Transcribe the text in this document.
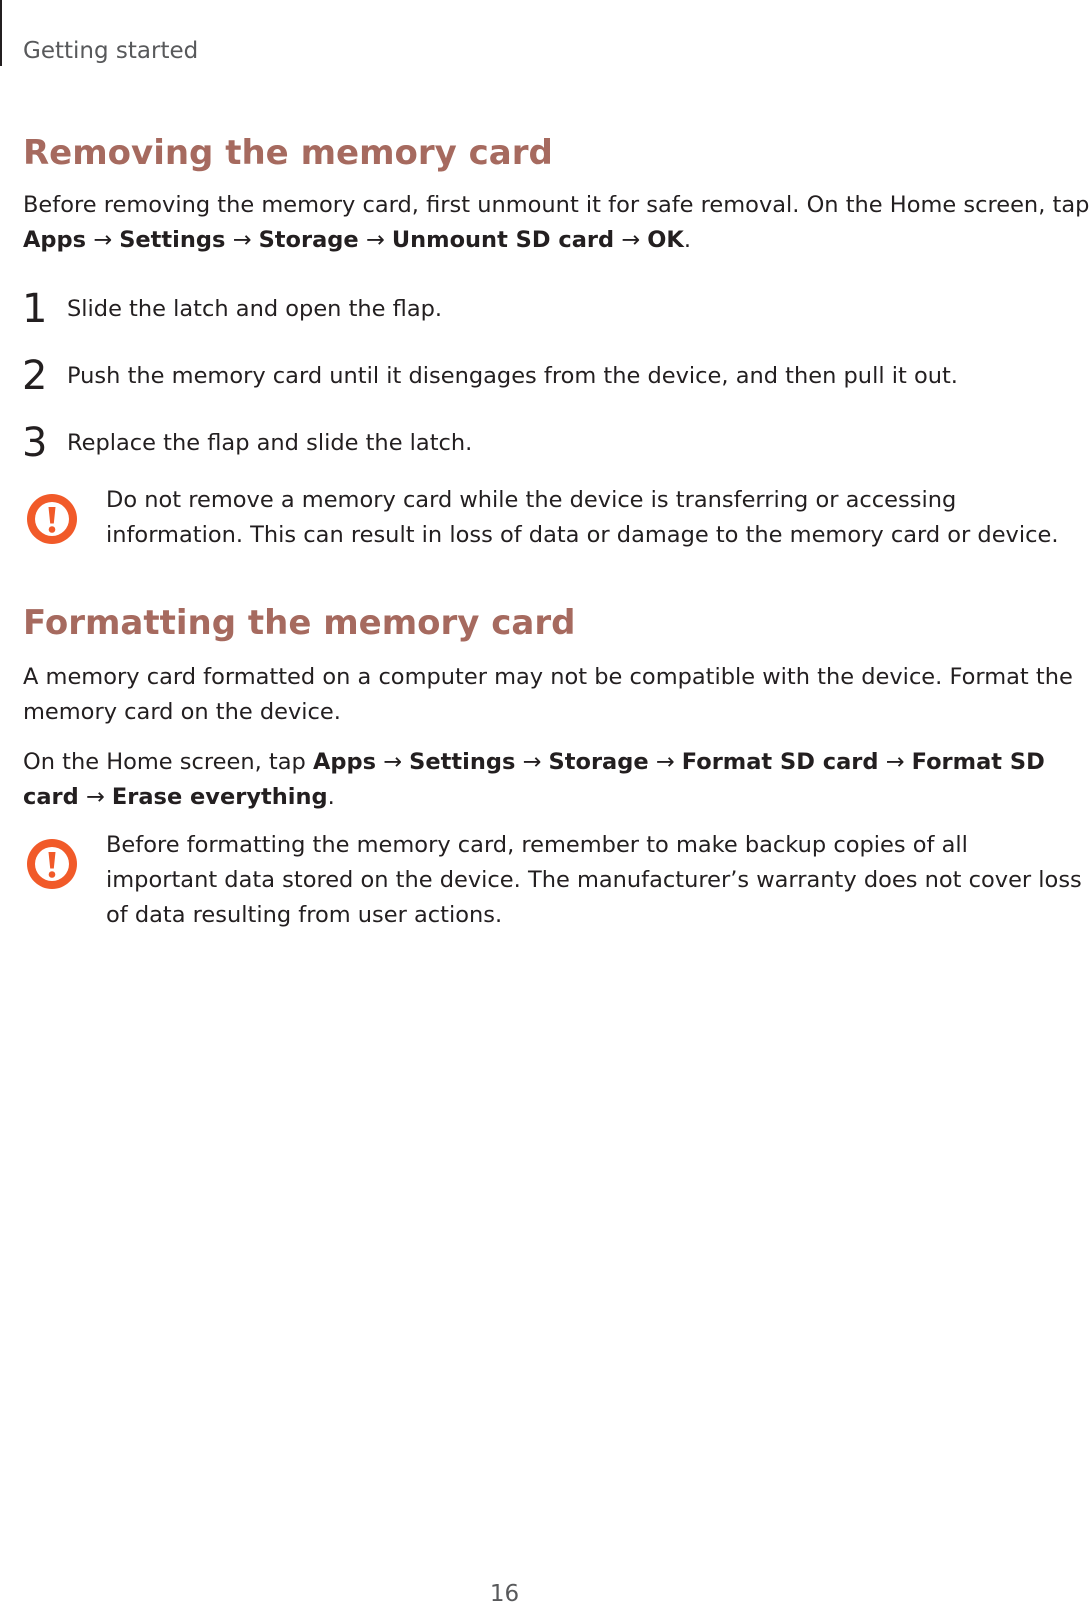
Getting started
Removing the memory card
Before removing the memory card, first unmount it for safe removal. On the Home screen, tap
Apps → Settings → Storage → Unmount SD card → OK.
1 Slide the latch and open the flap.
2 Push the memory card until it disengages from the device, and then pull it out.
3 Replace the flap and slide the latch.
Do not remove a memory card while the device is transferring or accessing
information. This can result in loss of data or damage to the memory card or device.
Formatting the memory card
A memory card formatted on a computer may not be compatible with the device. Format the
memory card on the device.
On the Home screen, tap Apps → Settings → Storage → Format SD card → Format SD
card → Erase everything.
Before formatting the memory card, remember to make backup copies of all
important data stored on the device. The manufacturer’s warranty does not cover loss
of data resulting from user actions.
16
